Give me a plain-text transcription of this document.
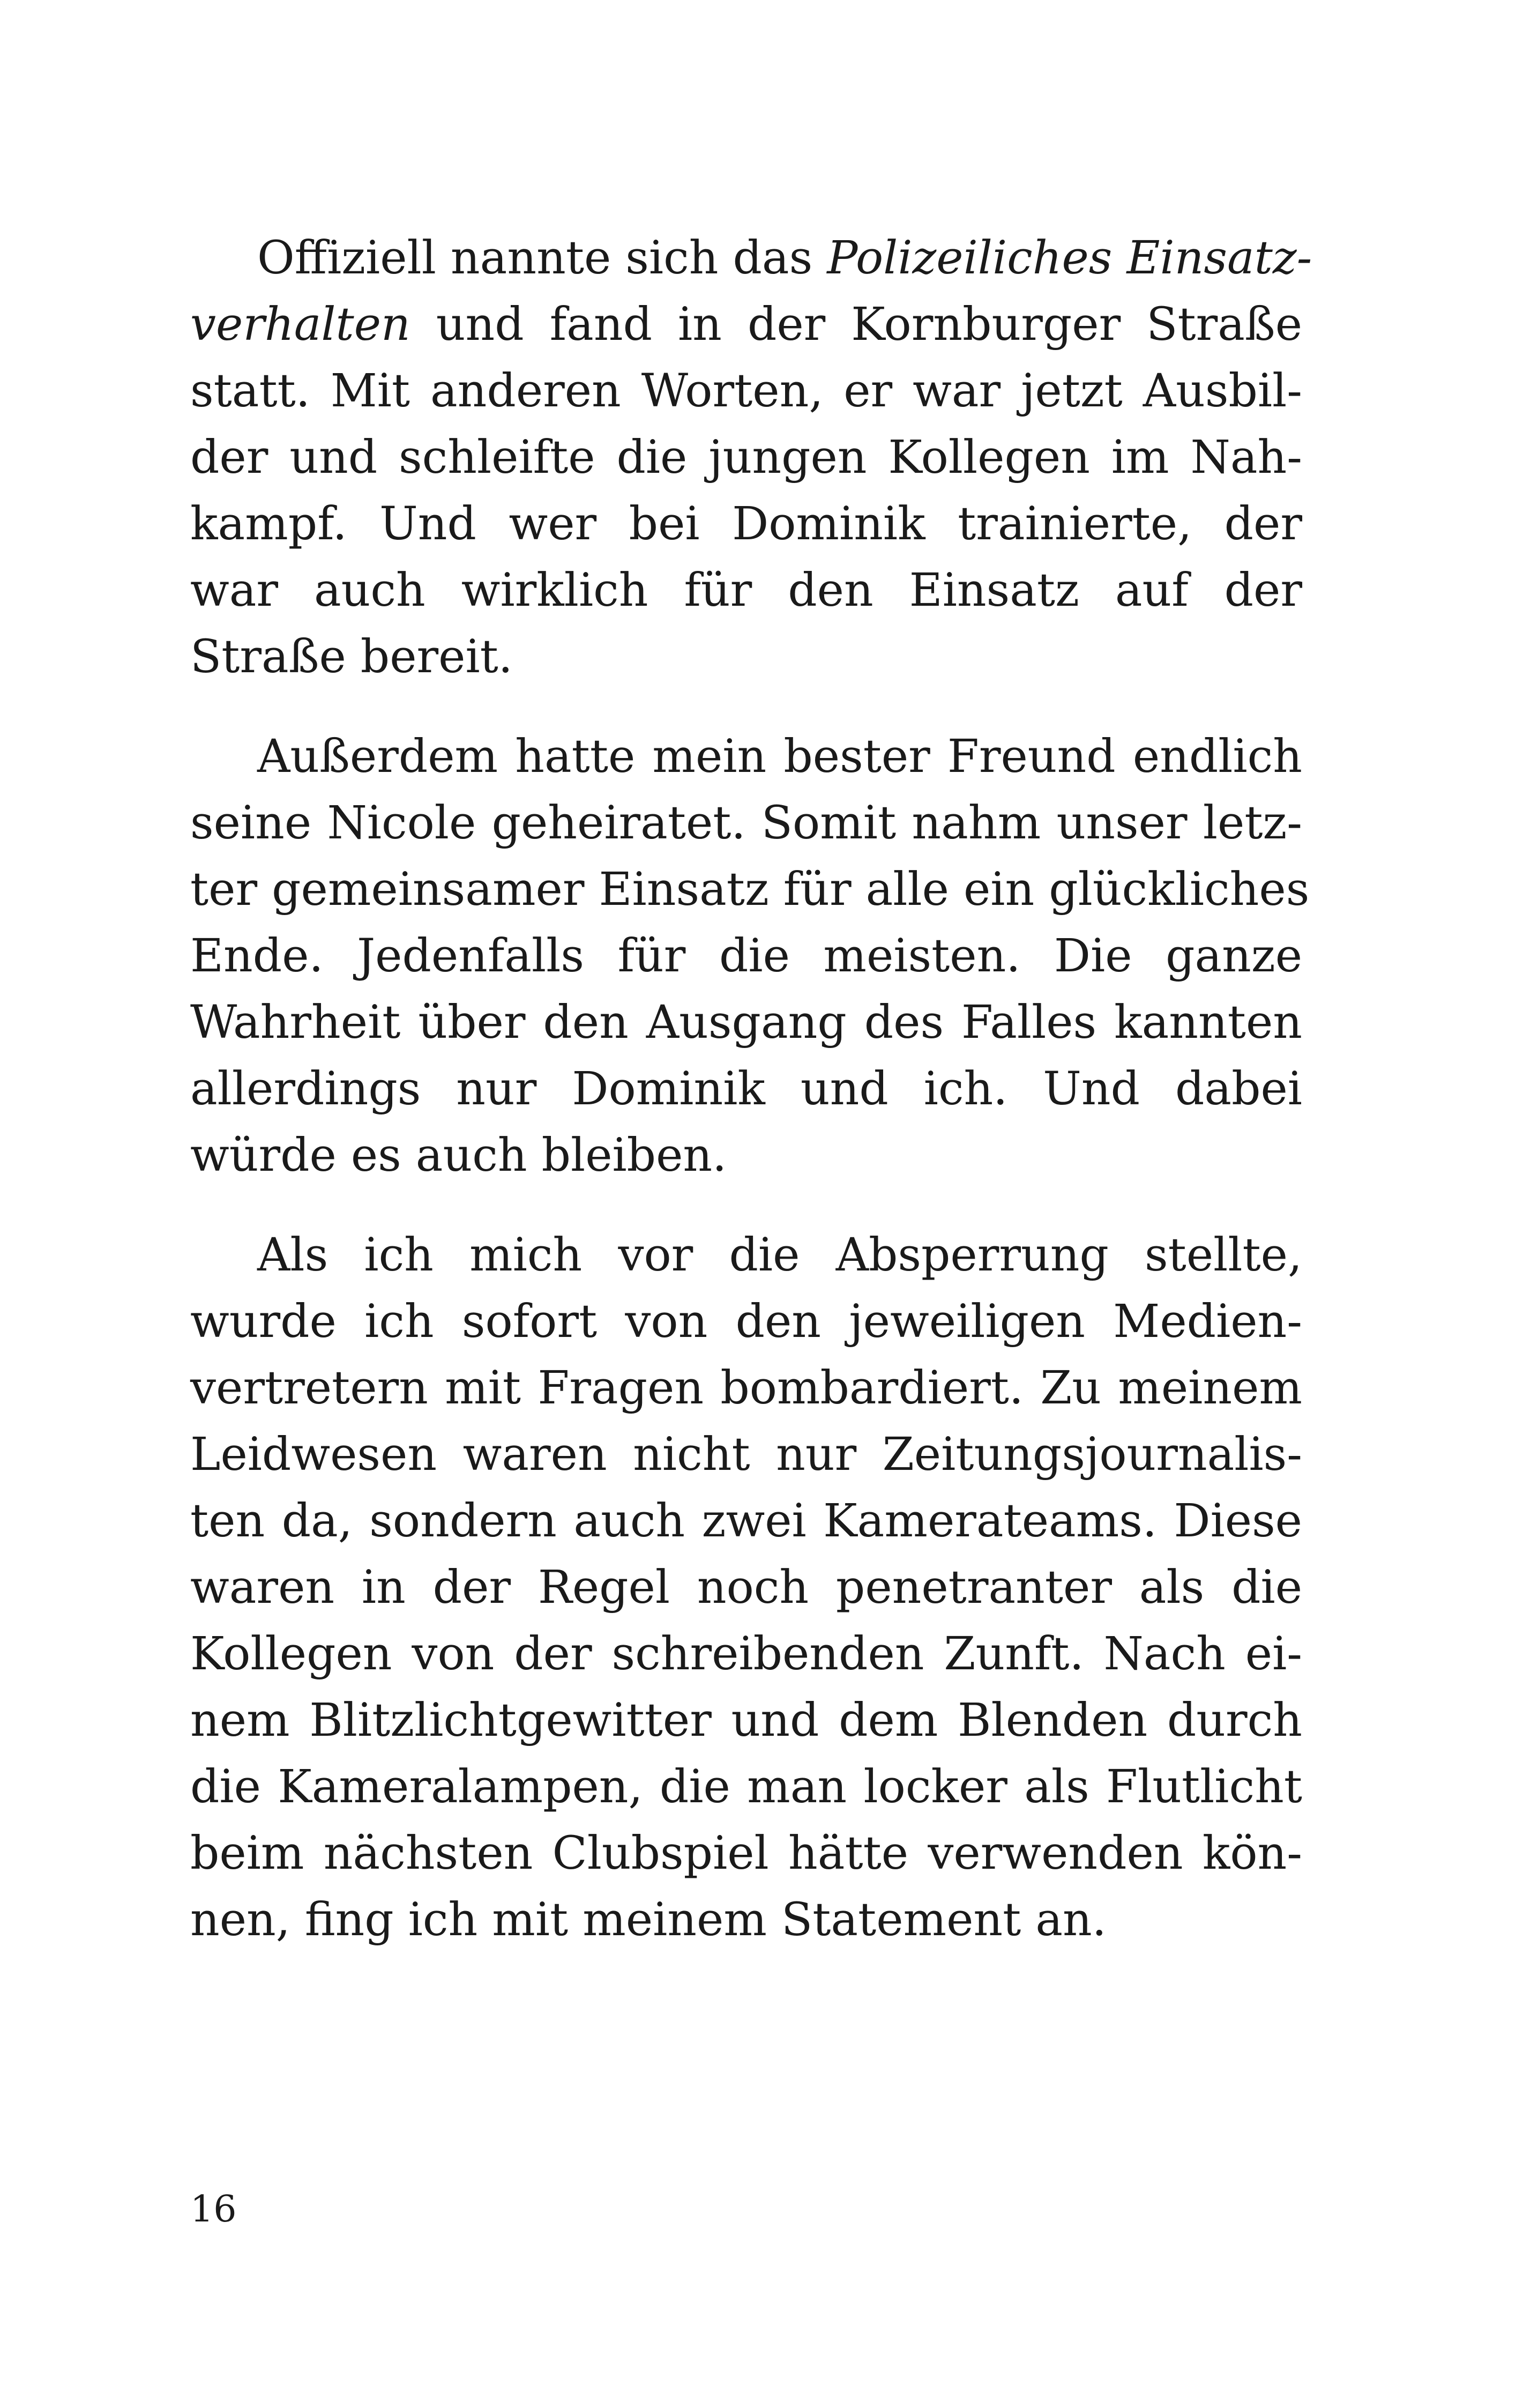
Offiziell nannte sich das Polizeiliches Einsatz-
verhalten und fand in der Kornburger Straße
statt. Mit anderen Worten, er war jetzt Ausbil-
der und schleifte die jungen Kollegen im Nah-
kampf. Und wer bei Dominik trainierte, der
war auch wirklich für den Einsatz auf der
Straße bereit.
Außerdem hatte mein bester Freund endlich
seine Nicole geheiratet. Somit nahm unser letz-
ter gemeinsamer Einsatz für alle ein glückliches
Ende. Jedenfalls für die meisten. Die ganze
Wahrheit über den Ausgang des Falles kannten
allerdings nur Dominik und ich. Und dabei
würde es auch bleiben.
Als ich mich vor die Absperrung stellte,
wurde ich sofort von den jeweiligen Medien-
vertretern mit Fragen bombardiert. Zu meinem
Leidwesen waren nicht nur Zeitungsjournalis-
ten da, sondern auch zwei Kamerateams. Diese
waren in der Regel noch penetranter als die
Kollegen von der schreibenden Zunft. Nach ei-
nem Blitzlichtgewitter und dem Blenden durch
die Kameralampen, die man locker als Flutlicht
beim nächsten Clubspiel hätte verwenden kön-
nen, fing ich mit meinem Statement an.
16
